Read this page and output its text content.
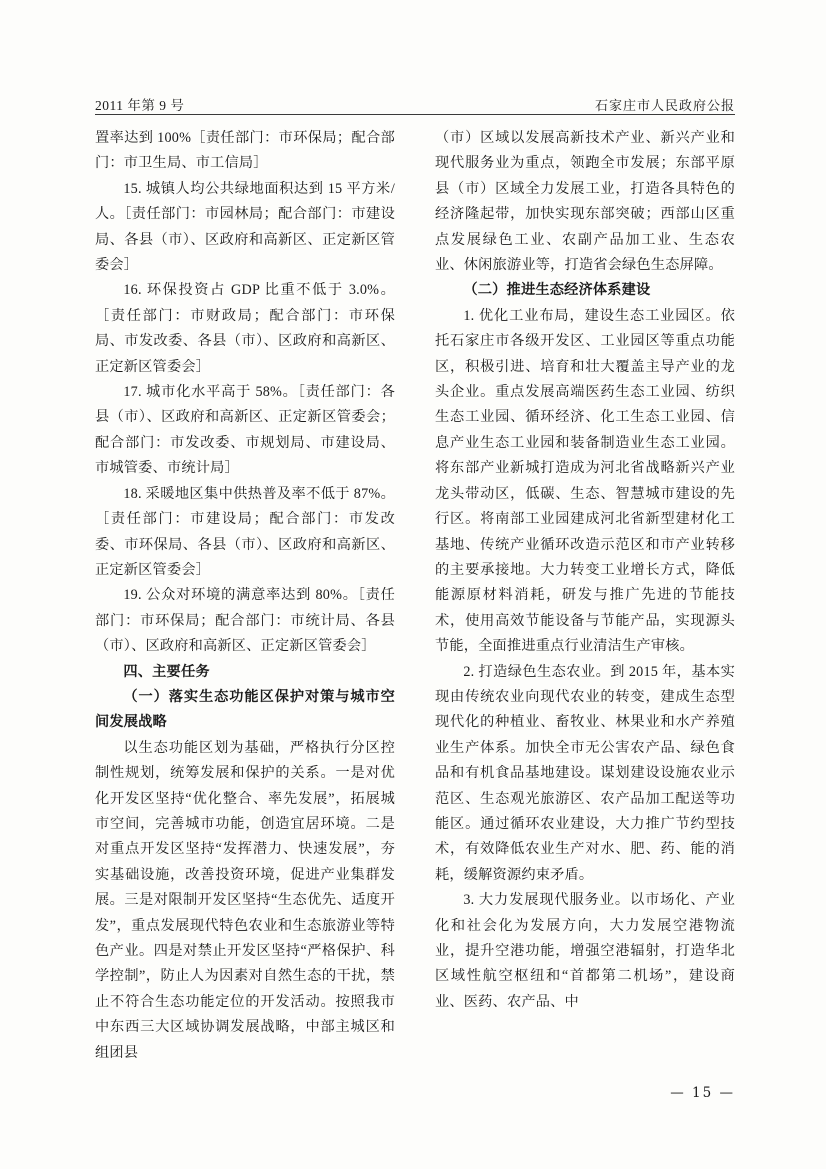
2011 年第 9 号	石家庄市人民政府公报

置率达到 100%［责任部门：市环保局；配合部门：市卫生局、市工信局］

15. 城镇人均公共绿地面积达到 15 平方米/人。［责任部门：市园林局；配合部门：市建设局、各县（市）、区政府和高新区、正定新区管委会］

16. 环保投资占 GDP 比重不低于 3.0%。［责任部门：市财政局；配合部门：市环保局、市发改委、各县（市）、区政府和高新区、正定新区管委会］

17. 城市化水平高于 58%。［责任部门：各县（市）、区政府和高新区、正定新区管委会；配合部门：市发改委、市规划局、市建设局、市城管委、市统计局］

18. 采暖地区集中供热普及率不低于 87%。［责任部门：市建设局；配合部门：市发改委、市环保局、各县（市）、区政府和高新区、正定新区管委会］

19. 公众对环境的满意率达到 80%。［责任部门：市环保局；配合部门：市统计局、各县（市）、区政府和高新区、正定新区管委会］

四、主要任务

（一）落实生态功能区保护对策与城市空间发展战略

以生态功能区划为基础，严格执行分区控制性规划，统筹发展和保护的关系。一是对优化开发区坚持“优化整合、率先发展”，拓展城市空间，完善城市功能，创造宜居环境。二是对重点开发区坚持“发挥潜力、快速发展”，夯实基础设施，改善投资环境，促进产业集群发展。三是对限制开发区坚持“生态优先、适度开发”，重点发展现代特色农业和生态旅游业等特色产业。四是对禁止开发区坚持“严格保护、科学控制”，防止人为因素对自然生态的干扰，禁止不符合生态功能定位的开发活动。按照我市中东西三大区域协调发展战略，中部主城区和组团县

（市）区域以发展高新技术产业、新兴产业和现代服务业为重点，领跑全市发展；东部平原县（市）区域全力发展工业，打造各具特色的经济隆起带，加快实现东部突破；西部山区重点发展绿色工业、农副产品加工业、生态农业、休闲旅游业等，打造省会绿色生态屏障。

（二）推进生态经济体系建设

1. 优化工业布局，建设生态工业园区。依托石家庄市各级开发区、工业园区等重点功能区，积极引进、培育和壮大覆盖主导产业的龙头企业。重点发展高端医药生态工业园、纺织生态工业园、循环经济、化工生态工业园、信息产业生态工业园和装备制造业生态工业园。将东部产业新城打造成为河北省战略新兴产业龙头带动区，低碳、生态、智慧城市建设的先行区。将南部工业园建成河北省新型建材化工基地、传统产业循环改造示范区和市产业转移的主要承接地。大力转变工业增长方式，降低能源原材料消耗，研发与推广先进的节能技术，使用高效节能设备与节能产品，实现源头节能，全面推进重点行业清洁生产审核。

2. 打造绿色生态农业。到 2015 年，基本实现由传统农业向现代农业的转变，建成生态型现代化的种植业、畜牧业、林果业和水产养殖业生产体系。加快全市无公害农产品、绿色食品和有机食品基地建设。谋划建设设施农业示范区、生态观光旅游区、农产品加工配送等功能区。通过循环农业建设，大力推广节约型技术，有效降低农业生产对水、肥、药、能的消耗，缓解资源约束矛盾。

3. 大力发展现代服务业。以市场化、产业化和社会化为发展方向，大力发展空港物流业，提升空港功能，增强空港辐射，打造华北区域性航空枢纽和“首都第二机场”，建设商业、医药、农产品、中

— 15 —
